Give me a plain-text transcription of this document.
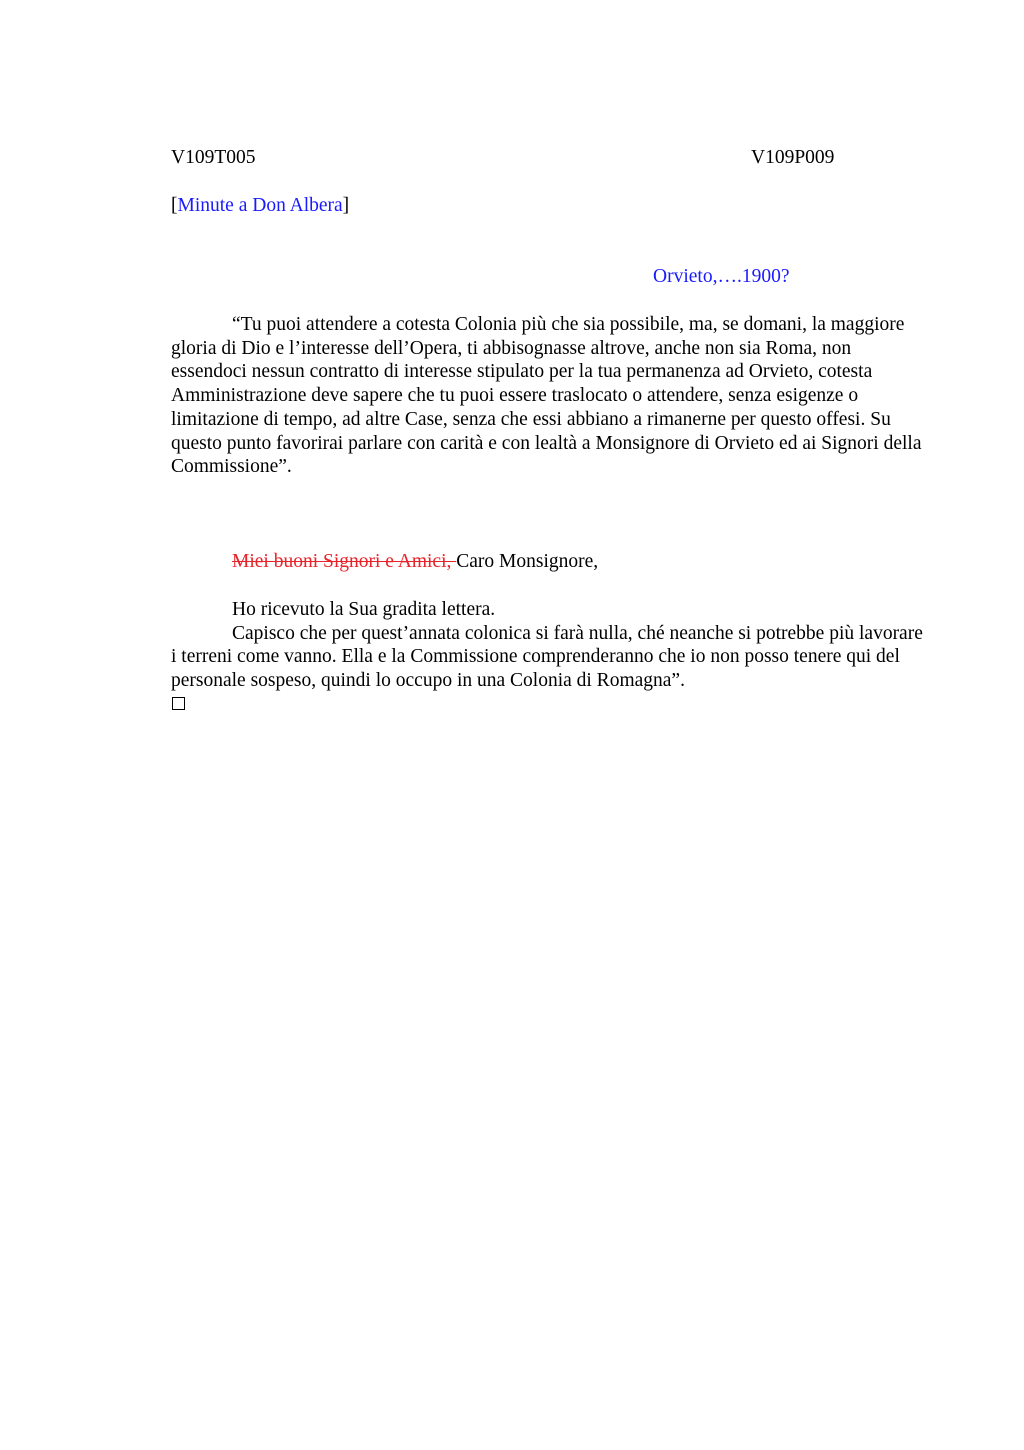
V109T005	V109P009
[Minute a Don Albera]
Orvieto,….1900?

“Tu puoi attendere a cotesta Colonia più che sia possibile, ma, se domani, la maggiore gloria di Dio e l’interesse dell’Opera, ti abbisognasse altrove, anche non sia Roma, non essendoci nessun contratto di interesse stipulato per la tua permanenza ad Orvieto, cotesta Amministrazione deve sapere che tu puoi essere traslocato o attendere, senza esigenze o limitazione di tempo, ad altre Case, senza che essi abbiano a rimanerne per questo offesi. Su questo punto favorirai parlare con carità e con lealtà a Monsignore di Orvieto ed ai Signori della Commissione”.

Miei buoni Signori e Amici, Caro Monsignore,

Ho ricevuto la Sua gradita lettera.

Capisco che per quest’annata colonica si farà nulla, ché neanche si potrebbe più lavorare i terreni come vanno. Ella e la Commissione comprenderanno che io non posso tenere qui del personale sospeso, quindi lo occupo in una Colonia di Romagna”.
